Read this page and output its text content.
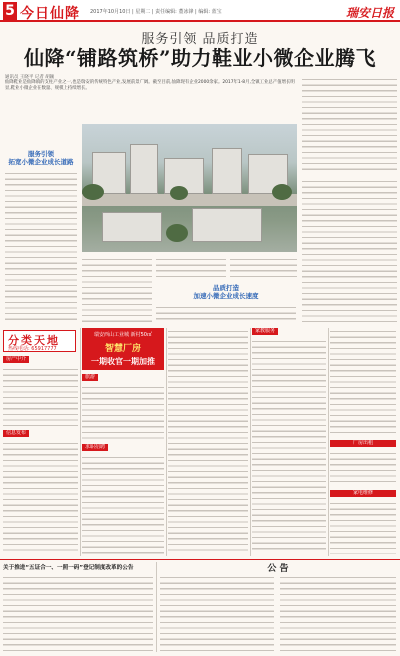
5 今日仙降 2017年10月10日 | 星期二 | 责任编辑: 董冰锋 | 编辑: 蓝宝	瑞安日报
服务引领 品质打造
仙降“铺路筑桥”助力鞋业小微企业腾飞
通讯员 王晓平 记者 胡颖
仙降鞋业是仙降镇的支柱产业之一,也是瑞安的传统特色产业,发展前景广阔。截至目前,仙降现有企业2000余家。2017年1-8月,全镇工业总产值增长明显,鞋业小微企业在数量、规模上持续增长。
服务引领
拓宽小微企业成长道路
品质打造
加速小微企业成长速度
分类天地
热线电话: 65917777
瑞安西山工业城 新村50㎡
智慧厂房
一期收官一期加推
房产中介
信息发布
旅游
求职招聘
家教服务
厂房出租
家电维修
关于推进“五证合一、一照一码”登记制度改革的公告	公 告
